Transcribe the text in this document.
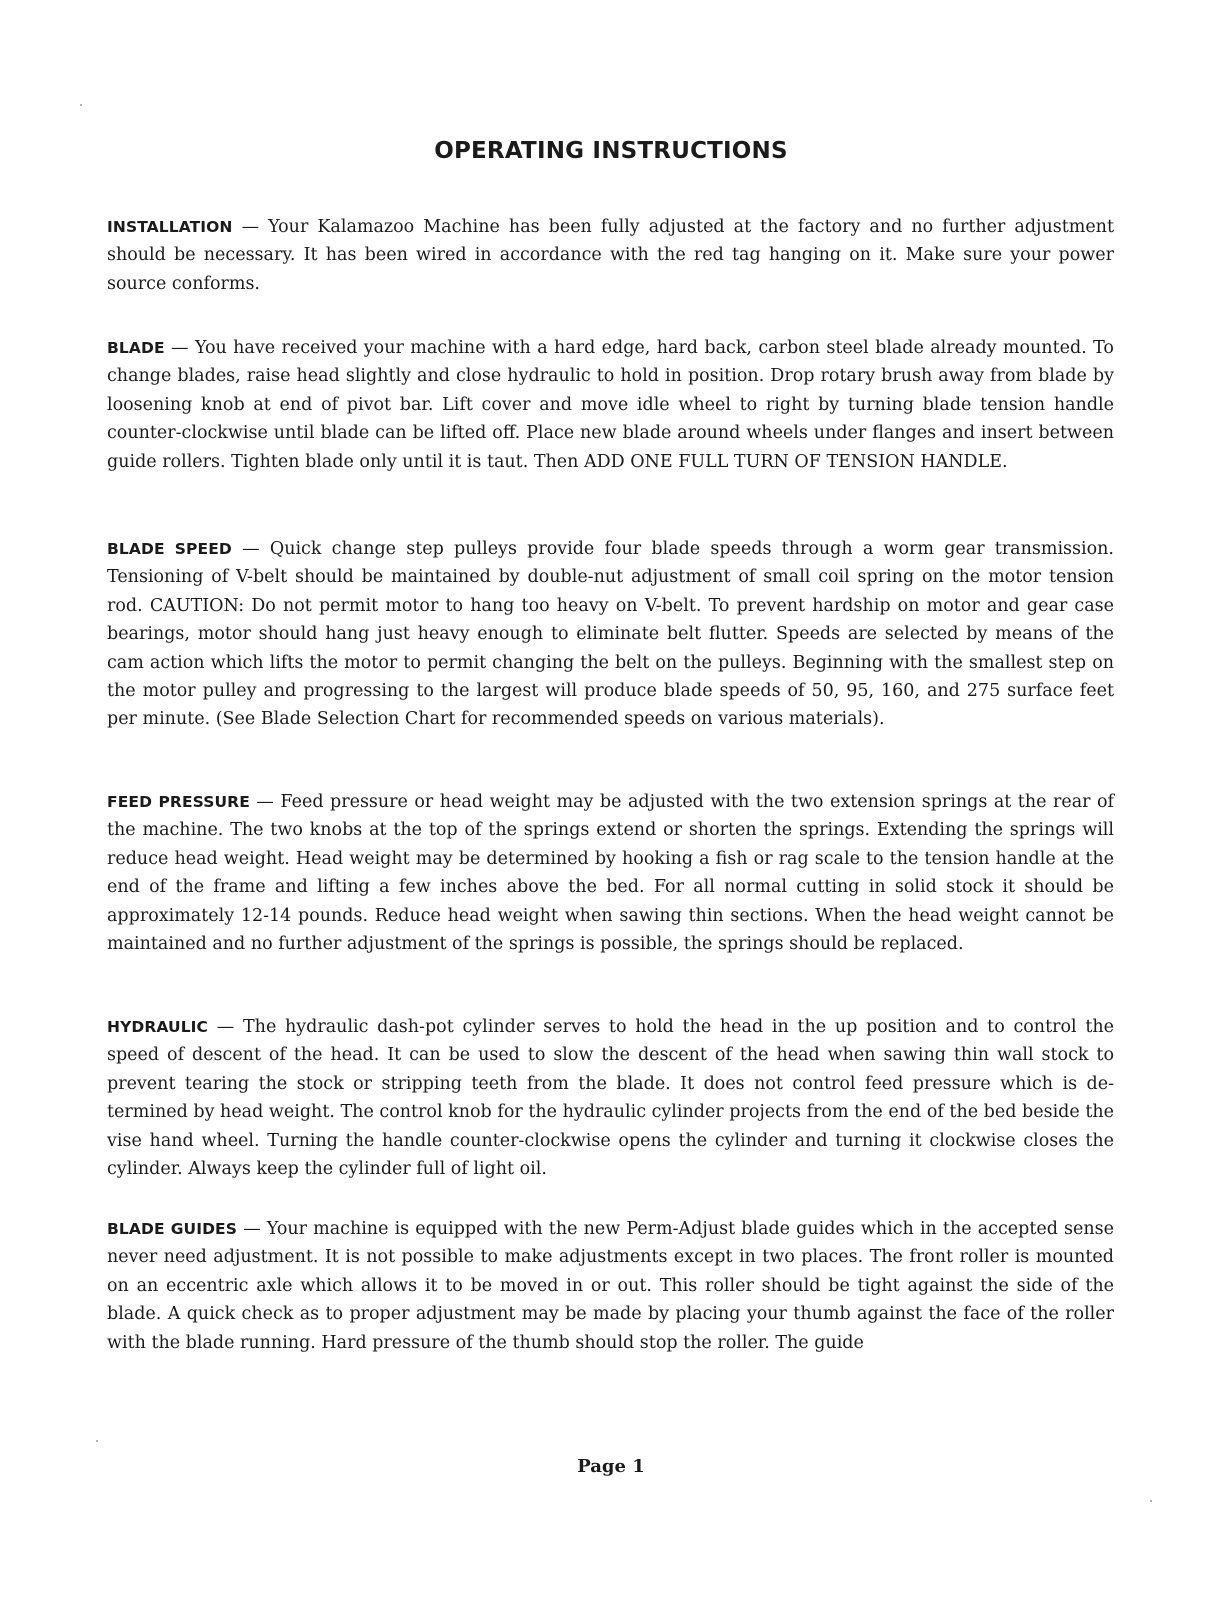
OPERATING INSTRUCTIONS

INSTALLATION — Your Kalamazoo Machine has been fully adjusted at the factory and no further adjustment should be necessary. It has been wired in accordance with the red tag hanging on it. Make sure your power source conforms.

BLADE — You have received your machine with a hard edge, hard back, carbon steel blade already mounted. To change blades, raise head slightly and close hydraulic to hold in position. Drop rotary brush away from blade by loosening knob at end of pivot bar. Lift cover and move idle wheel to right by turning blade tension handle counter-clockwise until blade can be lifted off. Place new blade around wheels under flanges and insert between guide rollers. Tighten blade only until it is taut. Then ADD ONE FULL TURN OF TENSION HANDLE.

BLADE SPEED — Quick change step pulleys provide four blade speeds through a worm gear transmission. Tensioning of V-belt should be maintained by double-nut adjustment of small coil spring on the motor tension rod. CAUTION: Do not permit motor to hang too heavy on V-belt. To prevent hardship on motor and gear case bearings, motor should hang just heavy enough to eliminate belt flutter. Speeds are selected by means of the cam action which lifts the motor to permit changing the belt on the pulleys. Beginning with the smallest step on the motor pulley and progressing to the largest will produce blade speeds of 50, 95, 160, and 275 surface feet per minute. (See Blade Selection Chart for recommended speeds on various materials).

FEED PRESSURE — Feed pressure or head weight may be adjusted with the two extension springs at the rear of the machine. The two knobs at the top of the springs extend or shorten the springs. Extending the springs will reduce head weight. Head weight may be determined by hooking a fish or rag scale to the tension handle at the end of the frame and lifting a few inches above the bed. For all normal cutting in solid stock it should be approximately 12-14 pounds. Reduce head weight when sawing thin sections. When the head weight cannot be maintained and no further adjustment of the springs is possible, the springs should be replaced.

HYDRAULIC — The hydraulic dash-pot cylinder serves to hold the head in the up position and to control the speed of descent of the head. It can be used to slow the descent of the head when sawing thin wall stock to prevent tearing the stock or stripping teeth from the blade. It does not control feed pressure which is determined by head weight. The control knob for the hydraulic cylinder projects from the end of the bed beside the vise hand wheel. Turning the handle counter-clockwise opens the cylinder and turning it clockwise closes the cylinder. Always keep the cylinder full of light oil.

BLADE GUIDES — Your machine is equipped with the new Perm-Adjust blade guides which in the accepted sense never need adjustment. It is not possible to make adjustments except in two places. The front roller is mounted on an eccentric axle which allows it to be moved in or out. This roller should be tight against the side of the blade. A quick check as to proper adjustment may be made by placing your thumb against the face of the roller with the blade running. Hard pressure of the thumb should stop the roller. The guide

Page 1
